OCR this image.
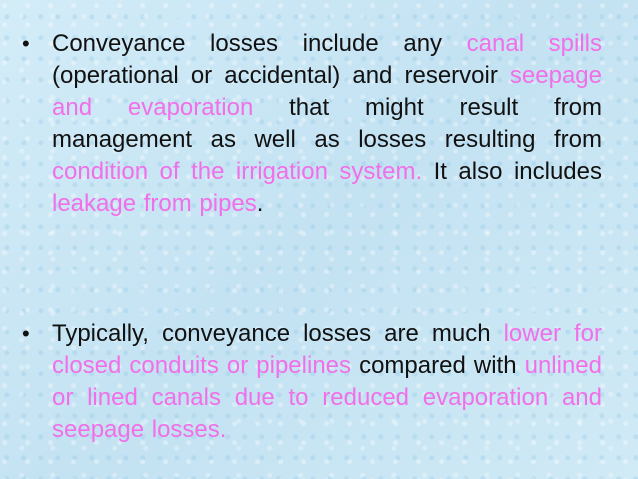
• Conveyance losses include any canal spills (operational or accidental) and reservoir seepage and evaporation that might result from management as well as losses resulting from condition of the irrigation system. It also includes leakage from pipes.
• Typically, conveyance losses are much lower for closed conduits or pipelines compared with unlined or lined canals due to reduced evaporation and seepage losses.
